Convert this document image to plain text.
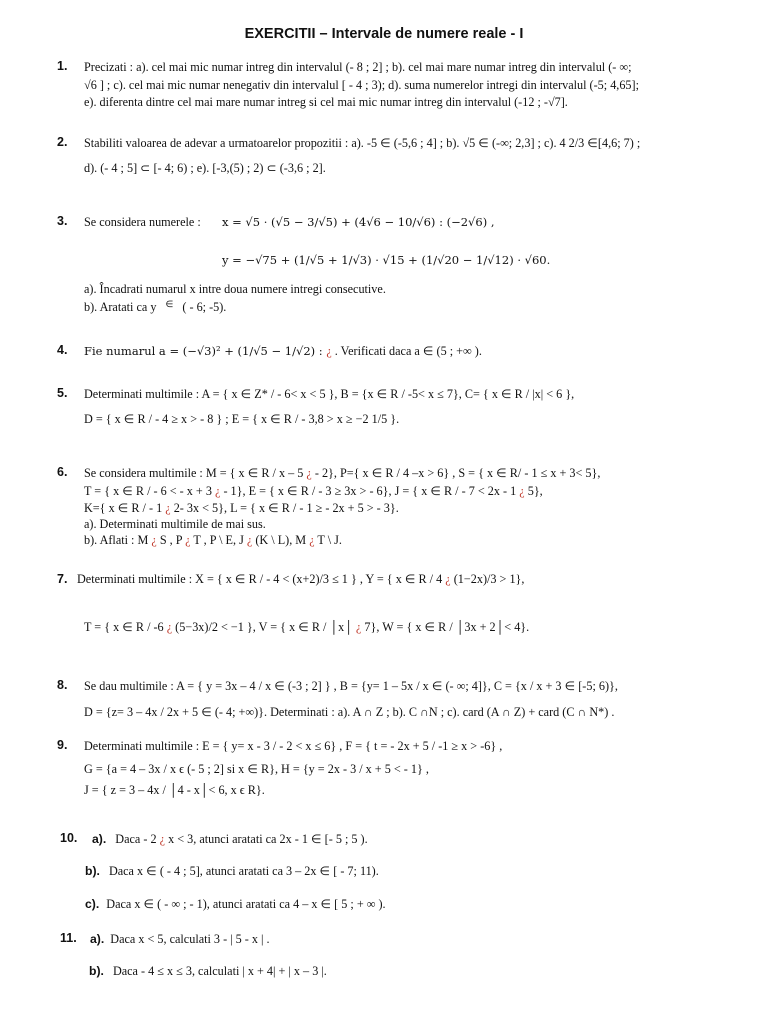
EXERCITII – Intervale de numere reale - I
1. Precizati : a). cel mai mic numar intreg din intervalul (- 8 ; 2] ; b). cel mai mare numar intreg din intervalul (- ∞;
√6 ] ; c). cel mai mic numar nenegativ din intervalul [ - 4 ; 3); d). suma numerelor intregi din intervalul (-5; 4,65];
e). diferenta dintre cel mai mare numar intreg si cel mai mic numar intreg din intervalul (-12 ; -√7].
2. Stabiliti valoarea de adevar a urmatoarelor propozitii : a). -5 ∈ (-5,6 ; 4] ; b). √5 ∈ (-∞; 2,3] ; c). 4 2/3 ∈[4,6; 7) ;
d). (- 4 ; 5] ⊂ [- 4; 6) ; e). [-3,(5) ; 2) ⊂ (-3,6 ; 2].
3. Se considera numerele : x = √5 · (√5 − 3/√5) + (4√6 − 10/√6) : (−2√6) ,
y = −√75 + (1/√5 + 1/√3) · √15 + (1/√20 − 1/√12) · √60.
a). Încadrati numarul x intre doua numere intregi consecutive.
b). Aratati ca y ∈ ( - 6; -5).
4. Fie numarul a = (−√3)² + (1/√5 − 1/√2) : ¿ . Verificati daca a ∈ (5 ; +∞ ).
5. Determinati multimile : A = { x ∈ Z* / - 6< x < 5 }, B = {x ∈ R / -5< x ≤ 7}, C= { x ∈ R / |x| < 6 },
D = { x ∈ R / - 4 ≥ x > - 8 } ; E = { x ∈ R / - 3,8 > x ≥ −2 1/5 }.
6. Se considera multimile : M = { x ∈ R / x – 5 ¿ - 2}, P={ x ∈ R / 4 –x > 6} , S = { x ∈ R/ - 1 ≤ x + 3< 5},
T = { x ∈ R / - 6 < - x + 3 ¿ - 1}, E = { x ∈ R / - 3 ≥ 3x > - 6}, J = { x ∈ R / - 7 < 2x - 1 ¿ 5},
K={ x ∈ R / - 1 ¿ 2- 3x < 5}, L = { x ∈ R / - 1 ≥ - 2x + 5 > - 3}.
a). Determinati multimile de mai sus.
b). Aflati : M ¿ S , P ¿ T , P \ E, J ¿ (K \ L), M ¿ T \ J.
7. Determinati multimile : X = { x ∈ R / - 4 < (x+2)/3 ≤ 1 } , Y = { x ∈ R / 4 ¿ (1−2x)/3 > 1},
T = { x ∈ R / -6 ¿ (5−3x)/2 < −1 }, V = { x ∈ R / │x│ ¿ 7}, W = { x ∈ R / │3x + 2│< 4}.
8. Se dau multimile : A = { y = 3x – 4 / x ∈ (-3 ; 2] } , B = {y= 1 – 5x / x ∈ (- ∞; 4]}, C = {x / x + 3 ∈ [-5; 6)},
D = {z= 3 – 4x / 2x + 5 ∈ (- 4; +∞)}. Determinati : a). A ∩ Z ; b). C ∩N ; c). card (A ∩ Z) + card (C ∩ N*) .
9. Determinati multimile : E = { y= x - 3 / - 2 < x ≤ 6} , F = { t = - 2x + 5 / -1 ≥ x > -6} ,
G = {a = 4 – 3x / x ϵ (- 5 ; 2] si x ∈ R}, H = {y = 2x - 3 / x + 5 < - 1} ,
J = { z = 3 – 4x / │4 - x│< 6, x ϵ R}.
10. a). Daca - 2 ¿ x < 3, atunci aratati ca 2x - 1 ∈ [- 5 ; 5 ).
b). Daca x ∈ ( - 4 ; 5], atunci aratati ca 3 – 2x ∈ [ - 7; 11).
c). Daca x ∈ ( - ∞ ; - 1), atunci aratati ca 4 – x ∈ [ 5 ; + ∞ ).
11. a). Daca x < 5, calculati 3 - | 5 - x | .
b). Daca - 4 ≤ x ≤ 3, calculati | x + 4| + | x – 3 |.
